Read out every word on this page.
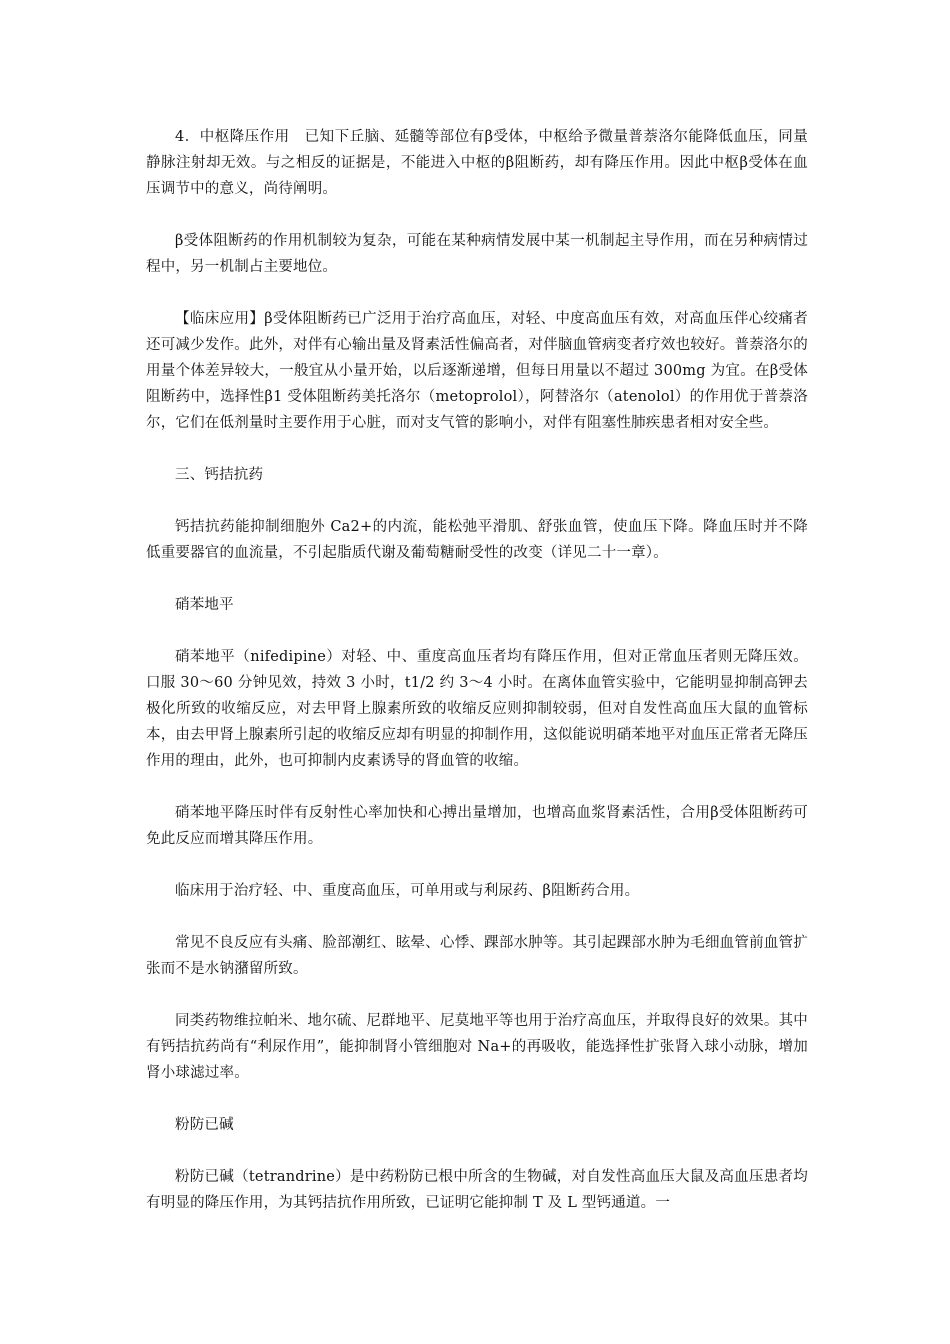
4．中枢降压作用　已知下丘脑、延髓等部位有β受体，中枢给予微量普萘洛尔能降低血压，同量静脉注射却无效。与之相反的证据是，不能进入中枢的β阻断药，却有降压作用。因此中枢β受体在血压调节中的意义，尚待阐明。

β受体阻断药的作用机制较为复杂，可能在某种病情发展中某一机制起主导作用，而在另种病情过程中，另一机制占主要地位。

【临床应用】β受体阻断药已广泛用于治疗高血压，对轻、中度高血压有效，对高血压伴心绞痛者还可减少发作。此外，对伴有心输出量及肾素活性偏高者，对伴脑血管病变者疗效也较好。普萘洛尔的用量个体差异较大，一般宜从小量开始，以后逐渐递增，但每日用量以不超过 300mg 为宜。在β受体阻断药中，选择性β1 受体阻断药美托洛尔（metoprolol），阿替洛尔（atenolol）的作用优于普萘洛尔，它们在低剂量时主要作用于心脏，而对支气管的影响小，对伴有阻塞性肺疾患者相对安全些。

三、钙拮抗药

钙拮抗药能抑制细胞外 Ca2+的内流，能松弛平滑肌、舒张血管，使血压下降。降血压时并不降低重要器官的血流量，不引起脂质代谢及葡萄糖耐受性的改变（详见二十一章）。

硝苯地平

硝苯地平（nifedipine）对轻、中、重度高血压者均有降压作用，但对正常血压者则无降压效。口服 30～60 分钟见效，持效 3 小时，t1/2 约 3～4 小时。在离体血管实验中，它能明显抑制高钾去极化所致的收缩反应，对去甲肾上腺素所致的收缩反应则抑制较弱，但对自发性高血压大鼠的血管标本，由去甲肾上腺素所引起的收缩反应却有明显的抑制作用，这似能说明硝苯地平对血压正常者无降压作用的理由，此外，也可抑制内皮素诱导的肾血管的收缩。

硝苯地平降压时伴有反射性心率加快和心搏出量增加，也增高血浆肾素活性，合用β受体阻断药可免此反应而增其降压作用。

临床用于治疗轻、中、重度高血压，可单用或与利尿药、β阻断药合用。

常见不良反应有头痛、脸部潮红、眩晕、心悸、踝部水肿等。其引起踝部水肿为毛细血管前血管扩张而不是水钠潴留所致。

同类药物维拉帕米、地尔硫、尼群地平、尼莫地平等也用于治疗高血压，并取得良好的效果。其中有钙拮抗药尚有“利尿作用”，能抑制肾小管细胞对 Na+的再吸收，能选择性扩张肾入球小动脉，增加肾小球滤过率。

粉防已碱

粉防已碱（tetrandrine）是中药粉防已根中所含的生物碱，对自发性高血压大鼠及高血压患者均有明显的降压作用，为其钙拮抗作用所致，已证明它能抑制 T 及 L 型钙通道。一
